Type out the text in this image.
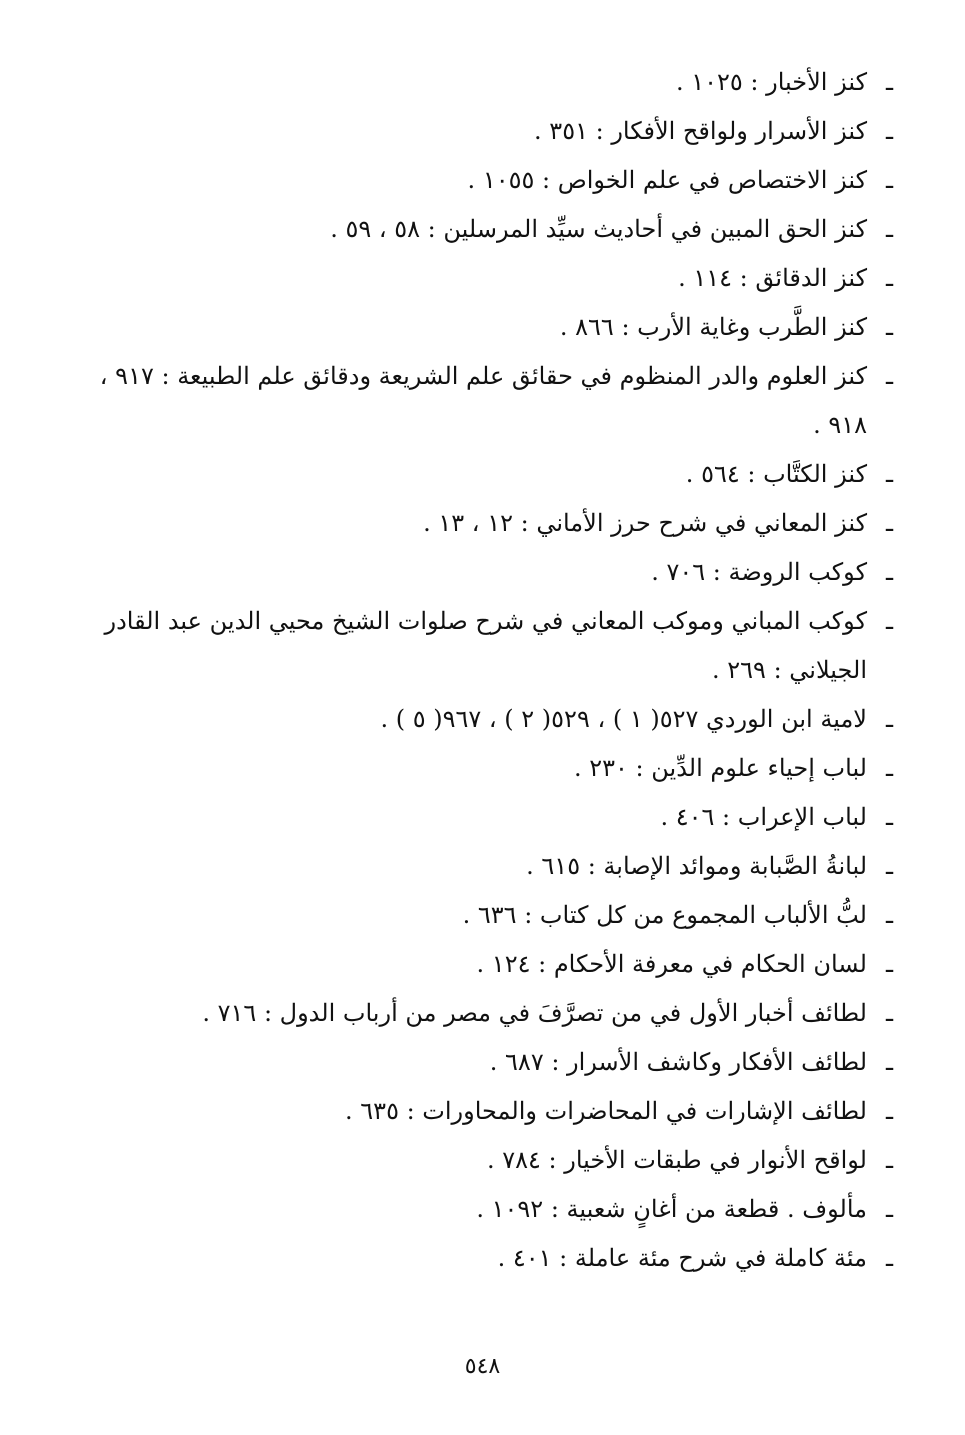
ـكنز الأخبار : ١٠٢٥ .
ـكنز الأسرار ولواقح الأفكار : ٣٥١ .
ـكنز الاختصاص في علم الخواص : ١٠٥٥ .
ـكنز الحق المبين في أحاديث سيِّد المرسلين : ٥٨ ، ٥٩ .
ـكنز الدقائق : ١١٤ .
ـكنز الطَّرب وغاية الأرب : ٨٦٦ .
ـكنز العلوم والدر المنظوم في حقائق علم الشريعة ودقائق علم الطبيعة : ٩١٧ ، ٩١٨ .
ـكنز الكتَّاب : ٥٦٤ .
ـكنز المعاني في شرح حرز الأماني : ١٢ ، ١٣ .
ـكوكب الروضة : ٧٠٦ .
ـكوكب المباني وموكب المعاني في شرح صلوات الشيخ محيي الدين عبد القادر الجيلاني : ٢٦٩ .
ـلامية ابن الوردي ٥٢٧( ١ ) ، ٥٢٩( ٢ ) ، ٩٦٧( ٥ ) .
ـلباب إحياء علوم الدِّين : ٢٣٠ .
ـلباب الإعراب : ٤٠٦ .
ـلبانةُ الصَّبابة وموائد الإصابة : ٦١٥ .
ـلبُّ الألباب المجموع من كل كتاب : ٦٣٦ .
ـلسان الحكام في معرفة الأحكام : ١٢٤ .
ـلطائف أخبار الأول في من تصرَّفَ في مصر من أرباب الدول : ٧١٦ .
ـلطائف الأفكار وكاشف الأسرار : ٦٨٧ .
ـلطائف الإشارات في المحاضرات والمحاورات : ٦٣٥ .
ـلواقح الأنوار في طبقات الأخيار : ٧٨٤ .
ـمألوف . قطعة من أغانٍ شعبية : ١٠٩٢ .
ـمئة كاملة في شرح مئة عاملة : ٤٠١ .
٥٤٨
